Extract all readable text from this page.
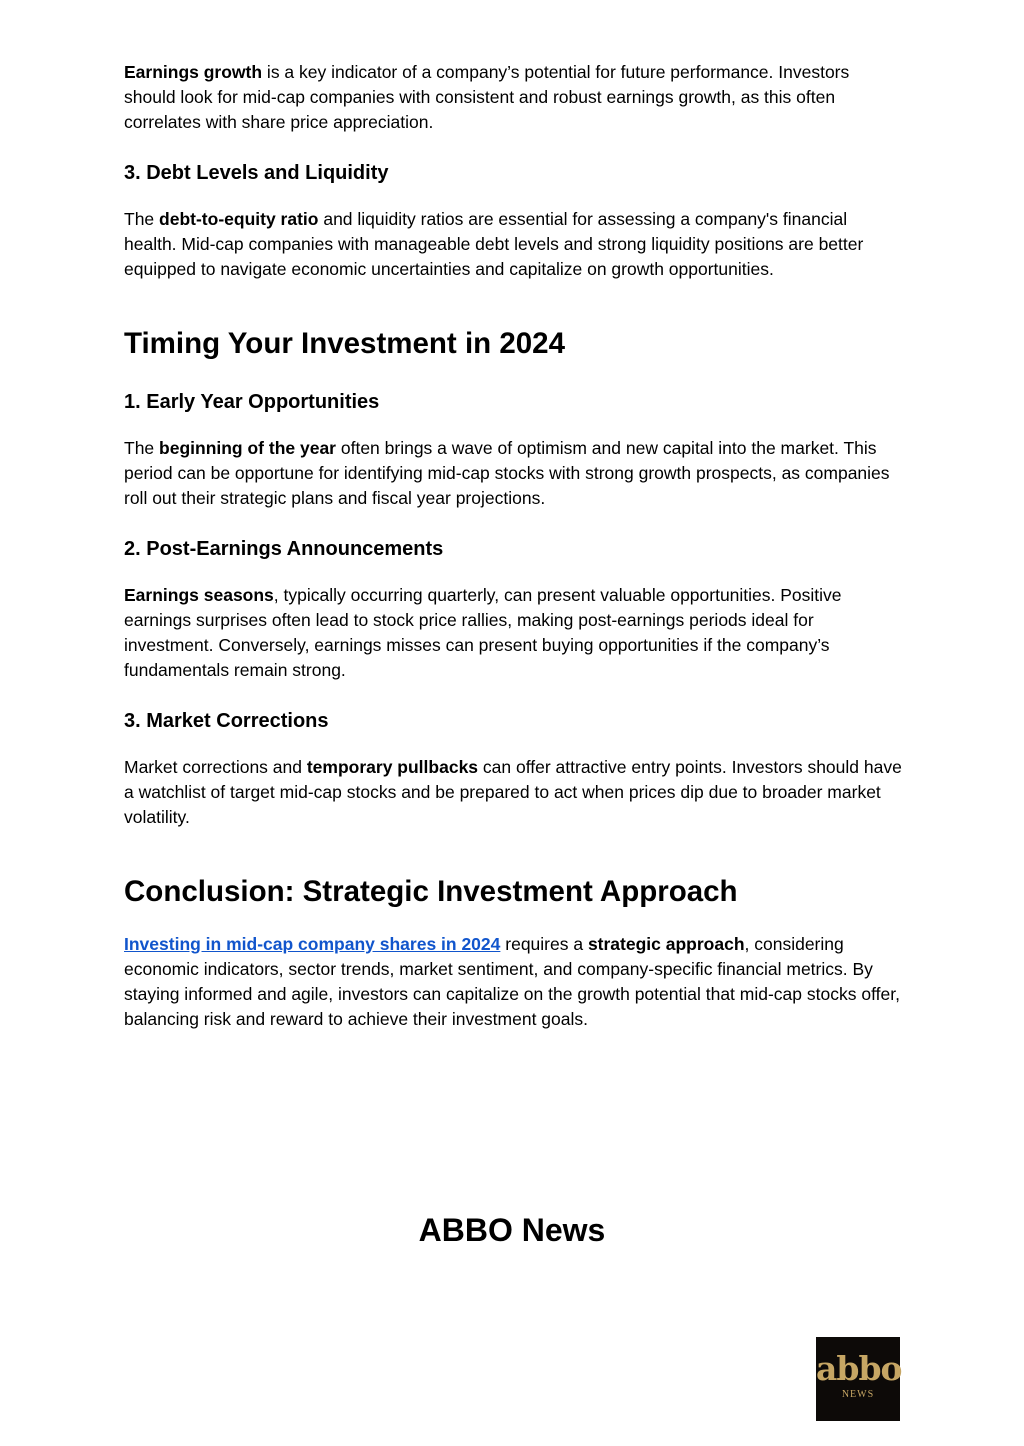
Earnings growth is a key indicator of a company’s potential for future performance. Investors should look for mid-cap companies with consistent and robust earnings growth, as this often correlates with share price appreciation.

3. Debt Levels and Liquidity

The debt-to-equity ratio and liquidity ratios are essential for assessing a company's financial health. Mid-cap companies with manageable debt levels and strong liquidity positions are better equipped to navigate economic uncertainties and capitalize on growth opportunities.

Timing Your Investment in 2024
1. Early Year Opportunities

The beginning of the year often brings a wave of optimism and new capital into the market. This period can be opportune for identifying mid-cap stocks with strong growth prospects, as companies roll out their strategic plans and fiscal year projections.

2. Post-Earnings Announcements

Earnings seasons, typically occurring quarterly, can present valuable opportunities. Positive earnings surprises often lead to stock price rallies, making post-earnings periods ideal for investment. Conversely, earnings misses can present buying opportunities if the company’s fundamentals remain strong.

3. Market Corrections

Market corrections and temporary pullbacks can offer attractive entry points. Investors should have a watchlist of target mid-cap stocks and be prepared to act when prices dip due to broader market volatility.

Conclusion: Strategic Investment Approach

Investing in mid-cap company shares in 2024 requires a strategic approach, considering economic indicators, sector trends, market sentiment, and company-specific financial metrics. By staying informed and agile, investors can capitalize on the growth potential that mid-cap stocks offer, balancing risk and reward to achieve their investment goals.

ABBO News
abbo
NEWS
